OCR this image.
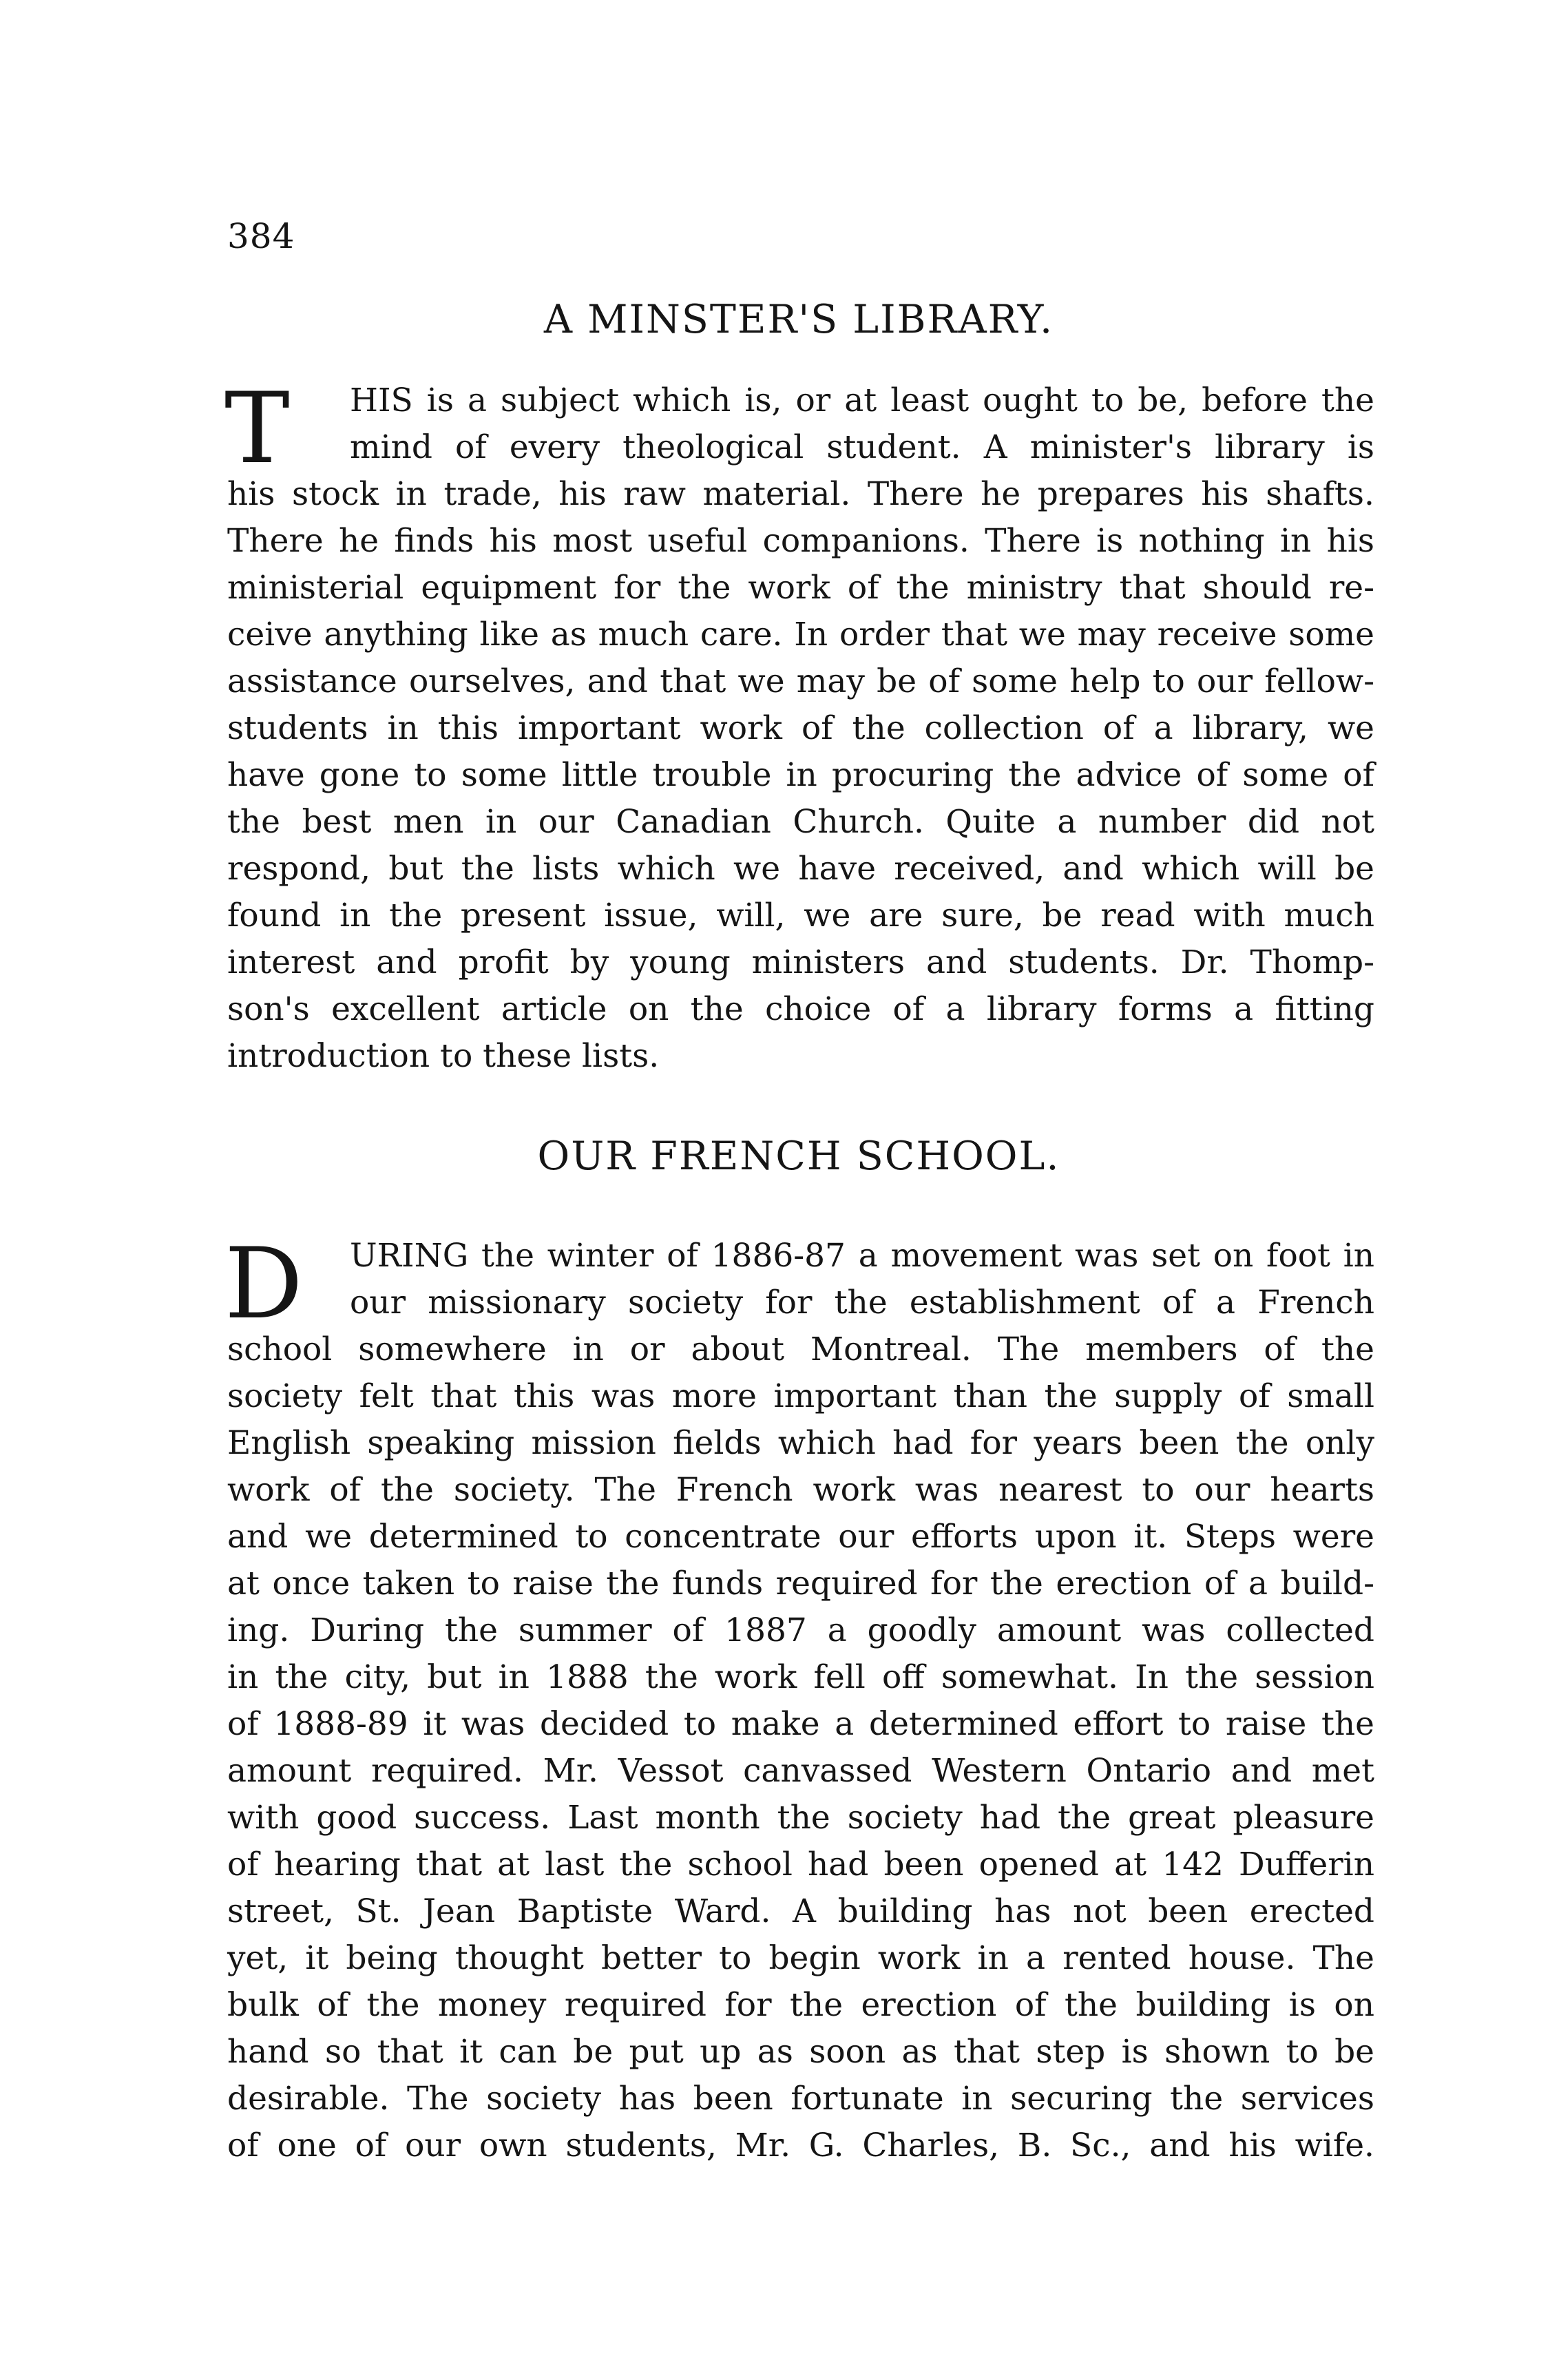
384
A MINSTER'S LIBRARY.
T	HIS is a subject which is, or at least ought to be, before the
mind of every theological student. A minister's library is
his stock in trade, his raw material. There he prepares his shafts.
There he finds his most useful companions. There is nothing in his
ministerial equipment for the work of the ministry that should re-
ceive anything like as much care. In order that we may receive some
assistance ourselves, and that we may be of some help to our fellow-
students in this important work of the collection of a library, we
have gone to some little trouble in procuring the advice of some of
the best men in our Canadian Church. Quite a number did not
respond, but the lists which we have received, and which will be
found in the present issue, will, we are sure, be read with much
interest and profit by young ministers and students. Dr. Thomp-
son's excellent article on the choice of a library forms a fitting
introduction to these lists.
OUR FRENCH SCHOOL.
D	URING the winter of 1886-87 a movement was set on foot in
our missionary society for the establishment of a French
school somewhere in or about Montreal. The members of the
society felt that this was more important than the supply of small
English speaking mission fields which had for years been the only
work of the society. The French work was nearest to our hearts
and we determined to concentrate our efforts upon it. Steps were
at once taken to raise the funds required for the erection of a build-
ing. During the summer of 1887 a goodly amount was collected
in the city, but in 1888 the work fell off somewhat. In the session
of 1888-89 it was decided to make a determined effort to raise the
amount required. Mr. Vessot canvassed Western Ontario and met
with good success. Last month the society had the great pleasure
of hearing that at last the school had been opened at 142 Dufferin
street, St. Jean Baptiste Ward. A building has not been erected
yet, it being thought better to begin work in a rented house. The
bulk of the money required for the erection of the building is on
hand so that it can be put up as soon as that step is shown to be
desirable. The society has been fortunate in securing the services
of one of our own students, Mr. G. Charles, B. Sc., and his wife.
